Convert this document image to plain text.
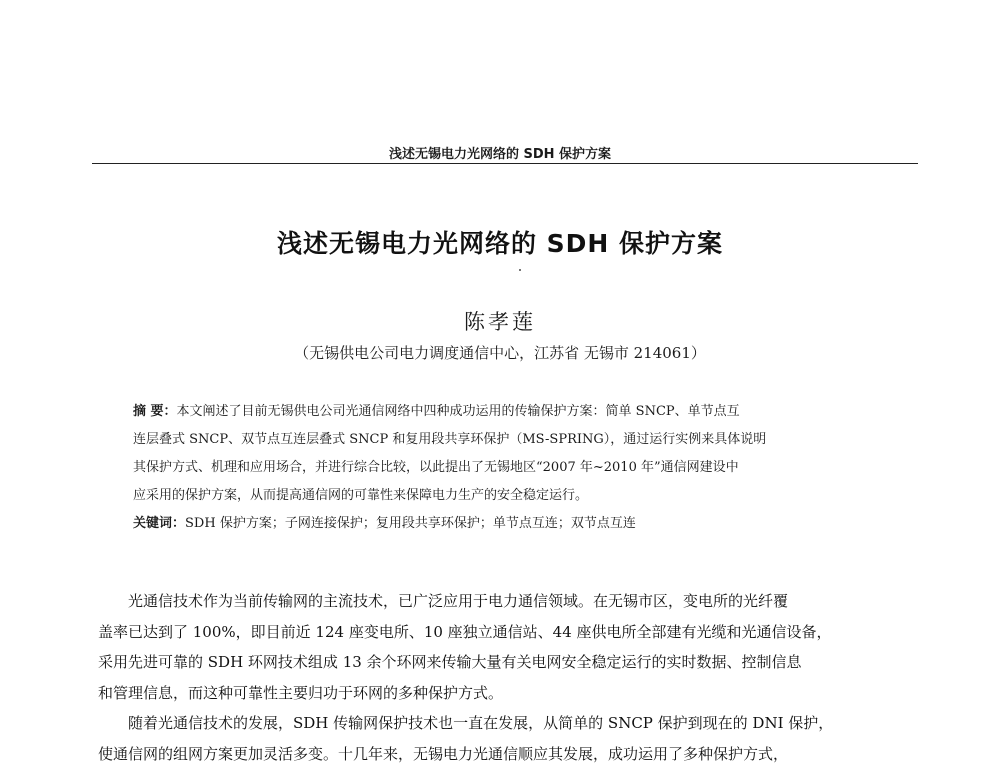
浅述无锡电力光网络的 SDH 保护方案
浅述无锡电力光网络的 SDH 保护方案
陈孝莲
（无锡供电公司电力调度通信中心，江苏省 无锡市 214061）
摘 要：本文阐述了目前无锡供电公司光通信网络中四种成功运用的传输保护方案：简单 SNCP、单节点互
连层叠式 SNCP、双节点互连层叠式 SNCP 和复用段共享环保护（MS-SPRING），通过运行实例来具体说明
其保护方式、机理和应用场合，并进行综合比较，以此提出了无锡地区“2007 年~2010 年”通信网建设中
应采用的保护方案，从而提高通信网的可靠性来保障电力生产的安全稳定运行。
关键词：SDH 保护方案；子网连接保护；复用段共享环保护；单节点互连；双节点互连
　　光通信技术作为当前传输网的主流技术，已广泛应用于电力通信领域。在无锡市区，变电所的光纤覆
盖率已达到了 100%，即目前近 124 座变电所、10 座独立通信站、44 座供电所全部建有光缆和光通信设备，
采用先进可靠的 SDH 环网技术组成 13 余个环网来传输大量有关电网安全稳定运行的实时数据、控制信息
和管理信息，而这种可靠性主要归功于环网的多种保护方式。
　　随着光通信技术的发展，SDH 传输网保护技术也一直在发展，从简单的 SNCP 保护到现在的 DNI 保护，
使通信网的组网方案更加灵活多变。十几年来，无锡电力光通信顺应其发展，成功运用了多种保护方式，
